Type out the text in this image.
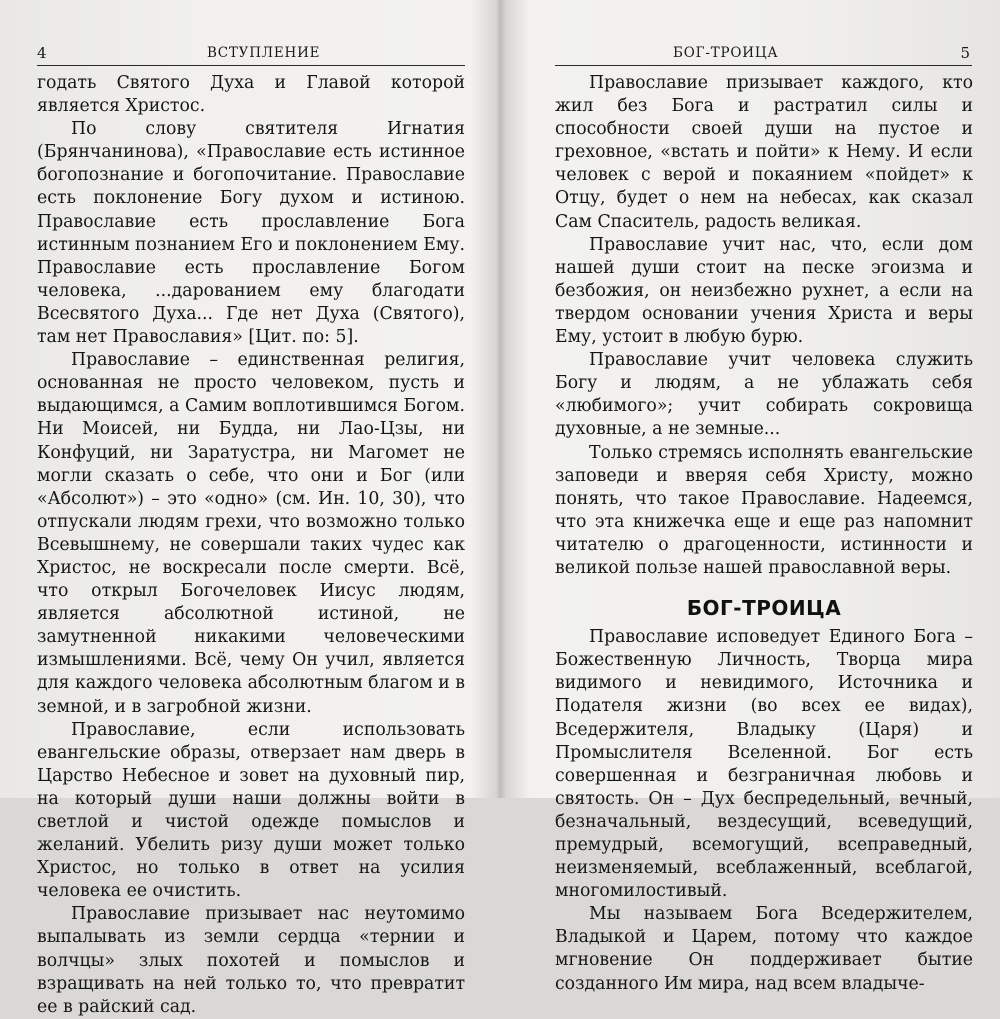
4	ВСТУПЛЕНИЕ

годать Святого Духа и Главой которой является Христос.

По слову святителя Игнатия (Брянчанинова), «Православие есть истинное богопознание и богопочитание. Православие есть поклонение Богу духом и истиною. Православие есть прославление Бога истинным познанием Его и поклонением Ему. Православие есть прославление Богом человека, ...дарованием ему благодати Всесвятого Духа... Где нет Духа (Святого), там нет Православия» [Цит. по: 5].

Православие – единственная религия, основанная не просто человеком, пусть и выдающимся, а Самим воплотившимся Богом. Ни Моисей, ни Будда, ни Лао-Цзы, ни Конфуций, ни Заратустра, ни Магомет не могли сказать о себе, что они и Бог (или «Абсолют») – это «одно» (см. Ин. 10, 30), что отпускали людям грехи, что возможно только Всевышнему, не совершали таких чудес как Христос, не воскресали после смерти. Всё, что открыл Богочеловек Иисус людям, является абсолютной истиной, не замутненной никакими человеческими измышлениями. Всё, чему Он учил, является для каждого человека абсолютным благом и в земной, и в загробной жизни.

Православие, если использовать евангельские образы, отверзает нам дверь в Царство Небесное и зовет на духовный пир, на который души наши должны войти в светлой и чистой одежде помыслов и желаний. Убелить ризу души может только Христос, но только в ответ на усилия человека ее очистить.

Православие призывает нас неутомимо выпалывать из земли сердца «тернии и волчцы» злых похотей и помыслов и взращивать на ней только то, что превратит ее в райский сад.

БОГ-ТРОИЦА	5

Православие призывает каждого, кто жил без Бога и растратил силы и способности своей души на пустое и греховное, «встать и пойти» к Нему. И если человек с верой и покаянием «пойдет» к Отцу, будет о нем на небесах, как сказал Сам Спаситель, радость великая.

Православие учит нас, что, если дом нашей души стоит на песке эгоизма и безбожия, он неизбежно рухнет, а если на твердом основании учения Христа и веры Ему, устоит в любую бурю.

Православие учит человека служить Богу и людям, а не ублажать себя «любимого»; учит собирать сокровища духовные, а не земные...

Только стремясь исполнять евангельские заповеди и вверяя себя Христу, можно понять, что такое Православие. Надеемся, что эта книжечка еще и еще раз напомнит читателю о драгоценности, истинности и великой пользе нашей православной веры.

БОГ-ТРОИЦА

Православие исповедует Единого Бога – Божественную Личность, Творца мира видимого и невидимого, Источника и Подателя жизни (во всех ее видах), Вседержителя, Владыку (Царя) и Промыслителя Вселенной. Бог есть совершенная и безграничная любовь и святость. Он – Дух беспредельный, вечный, безначальный, вездесущий, всеведущий, премудрый, всемогущий, всеправедный, неизменяемый, всеблаженный, всеблагой, многомилостивый.

Мы называем Бога Вседержителем, Владыкой и Царем, потому что каждое мгновение Он поддерживает бытие созданного Им мира, над всем владыче-
